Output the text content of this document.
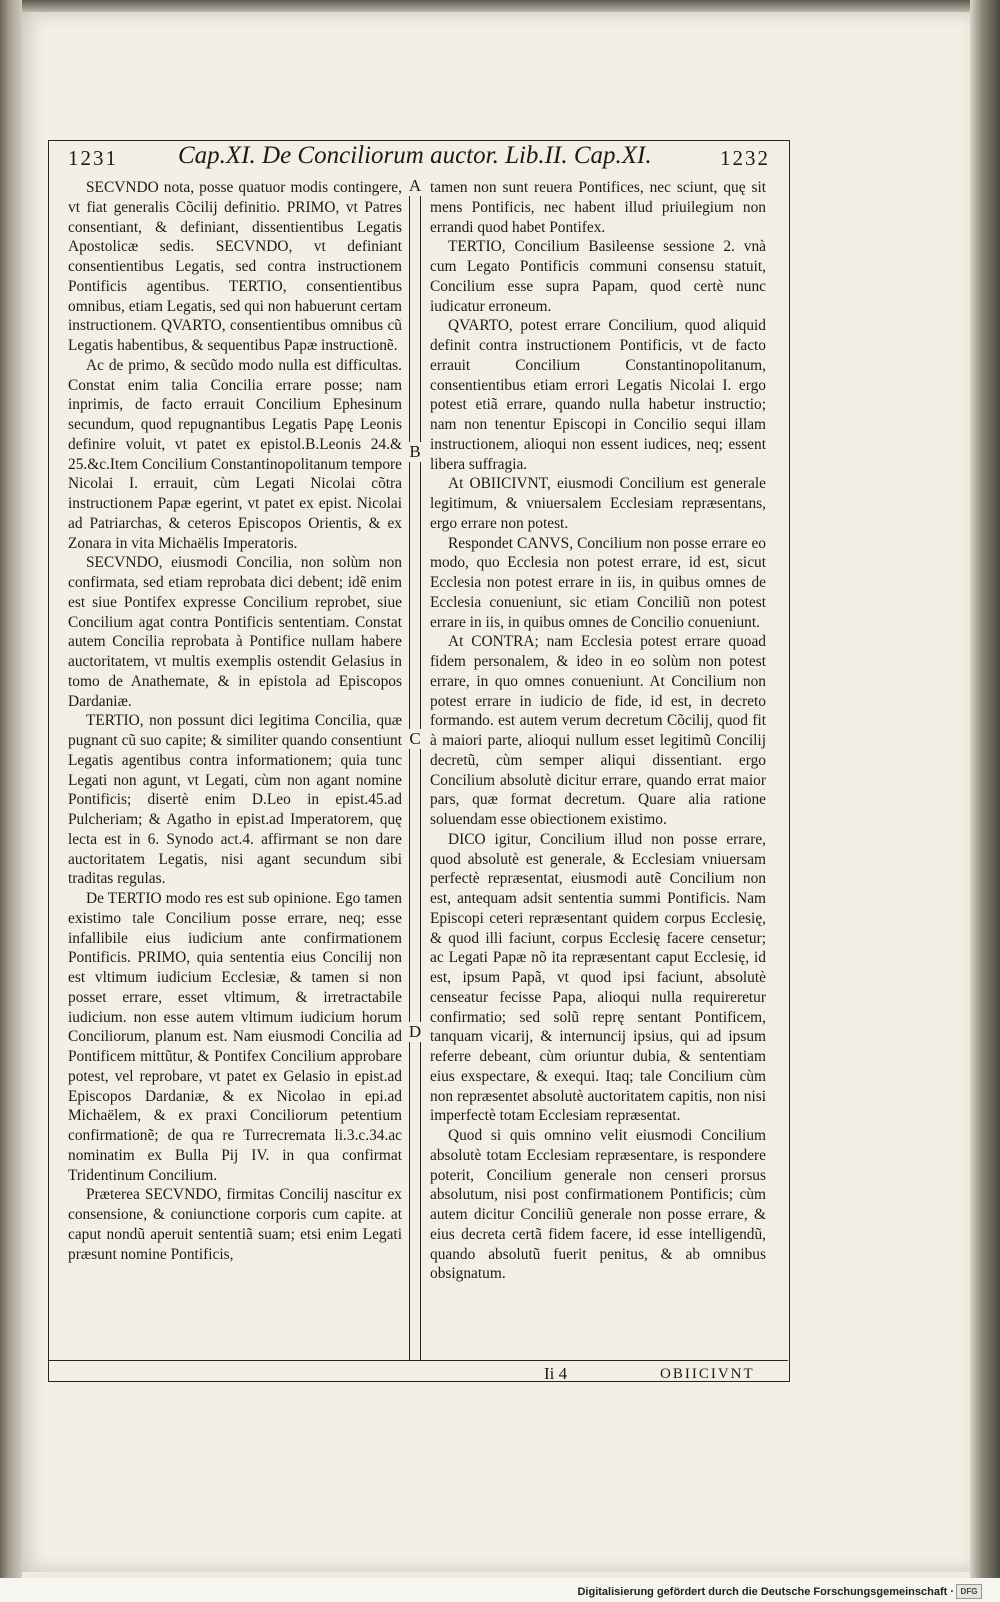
1231 Cap.XI. De Conciliorum auctor. Lib.II. Cap.XI.	1232

SECVNDO nota, posse quatuor modis contingere, vt fiat generalis Cõcilij definitio. PRIMO, vt Patres consentiant, & definiant, dissentientibus Legatis Apostolicæ sedis. SECVNDO, vt definiant consentientibus Legatis, sed contra instructionem Pontificis agentibus. TERTIO, consentientibus omnibus, etiam Legatis, sed qui non habuerunt certam instructionem. QVARTO, consentientibus omnibus cũ Legatis habentibus, & sequentibus Papæ instructionẽ.

Ac de primo, & secũdo modo nulla est difficultas. Constat enim talia Concilia errare posse; nam inprimis, de facto errauit Concilium Ephesinum secundum, quod repugnantibus Legatis Papę Leonis definire voluit, vt patet ex epistol.B.Leonis 24.& 25.&c.Item Concilium Constantinopolitanum tempore Nicolai I. errauit, cùm Legati Nicolai cõtra instructionem Papæ egerint, vt patet ex epist. Nicolai ad Patriarchas, & ceteros Episcopos Orientis, & ex Zonara in vita Michaëlis Imperatoris.

SECVNDO, eiusmodi Concilia, non solùm non confirmata, sed etiam reprobata dici debent; idẽ enim est siue Pontifex expresse Concilium reprobet, siue Concilium agat contra Pontificis sententiam. Constat autem Concilia reprobata à Pontifice nullam habere auctoritatem, vt multis exemplis ostendit Gelasius in tomo de Anathemate, & in epistola ad Episcopos Dardaniæ.

TERTIO, non possunt dici legitima Concilia, quæ pugnant cũ suo capite; & similiter quando consentiunt Legatis agentibus contra informationem; quia tunc Legati non agunt, vt Legati, cùm non agant nomine Pontificis; disertè enim D.Leo in epist.45.ad Pulcheriam; & Agatho in epist.ad Imperatorem, quę lecta est in 6. Synodo act.4. affirmant se non dare auctoritatem Legatis, nisi agant secundum sibi traditas regulas.

De TERTIO modo res est sub opinione. Ego tamen existimo tale Concilium posse errare, neq; esse infallibile eius iudicium ante confirmationem Pontificis. PRIMO, quia sententia eius Concilij non est vltimum iudicium Ecclesiæ, & tamen si non posset errare, esset vltimum, & irretractabile iudicium. non esse autem vltimum iudicium horum Conciliorum, planum est. Nam eiusmodi Concilia ad Pontificem mittũtur, & Pontifex Concilium approbare potest, vel reprobare, vt patet ex Gelasio in epist.ad Episcopos Dardaniæ, & ex Nicolao in epi.ad Michaëlem, & ex praxi Conciliorum petentium confirmationẽ; de qua re Turrecremata li.3.c.34.ac nominatim ex Bulla Pij IV. in qua confirmat Tridentinum Concilium.

Prӕterea SECVNDO, firmitas Concilij nascitur ex consensione, & coniunctione corporis cum capite. at caput nondũ aperuit sententiã suam; etsi enim Legati præsunt nomine Pontificis,

A
B
C
D

tamen non sunt reuera Pontifices, nec sciunt, quę sit mens Pontificis, nec habent illud priuilegium non errandi quod habet Pontifex.

TERTIO, Concilium Basileense sessione 2. vnà cum Legato Pontificis communi consensu statuit, Concilium esse supra Papam, quod certè nunc iudicatur erroneum.

QVARTO, potest errare Concilium, quod aliquid definit contra instructionem Pontificis, vt de facto errauit Concilium Constantinopolitanum, consentientibus etiam errori Legatis Nicolai I. ergo potest etiã errare, quando nulla habetur instructio; nam non tenentur Episcopi in Concilio sequi illam instructionem, alioqui non essent iudices, neq; essent libera suffragia.

At OBIICIVNT, eiusmodi Concilium est generale legitimum, & vniuersalem Ecclesiam repræsentans, ergo errare non potest.

Respondet CANVS, Concilium non posse errare eo modo, quo Ecclesia non potest errare, id est, sicut Ecclesia non potest errare in iis, in quibus omnes de Ecclesia conueniunt, sic etiam Conciliũ non potest errare in iis, in quibus omnes de Concilio conueniunt.

At CONTRA; nam Ecclesia potest errare quoad fidem personalem, & ideo in eo solùm non potest errare, in quo omnes conueniunt. At Concilium non potest errare in iudicio de fide, id est, in decreto formando. est autem verum decretum Cõcilij, quod fit à maiori parte, alioqui nullum esset legitimũ Concilij decretũ, cùm semper aliqui dissentiant. ergo Concilium absolutè dicitur errare, quando errat maior pars, quæ format decretum. Quare alia ratione soluendam esse obiectionem existimo.

DICO igitur, Concilium illud non posse errare, quod absolutè est generale, & Ecclesiam vniuersam perfectè repræsentat, eiusmodi autẽ Concilium non est, antequam adsit sententia summi Pontificis. Nam Episcopi ceteri repræsentant quidem corpus Ecclesię, & quod illi faciunt, corpus Ecclesię facere censetur; ac Legati Papæ nõ ita repræsentant caput Ecclesię, id est, ipsum Papã, vt quod ipsi faciunt, absolutè censeatur fecisse Papa, alioqui nulla requireretur confirmatio; sed solũ reprę sentant Pontificem, tanquam vicarij, & internuncij ipsius, qui ad ipsum referre debeant, cùm oriuntur dubia, & sententiam eius exspectare, & exequi. Itaq; tale Concilium cùm non repræsentet absolutè auctoritatem capitis, non nisi imperfectè totam Ecclesiam repræsentat.

Quod si quis omnino velit eiusmodi Concilium absolutè totam Ecclesiam repræsentare, is respondere poterit, Concilium generale non censeri prorsus absolutum, nisi post confirmationem Pontificis; cùm autem dicitur Conciliũ generale non posse errare, & eius decreta certã fidem facere, id esse intelligendũ, quando absolutũ fuerit penitus, & ab omnibus obsignatum.

Ii 4	OBIICIVNT
Digitalisierung gefördert durch die Deutsche Forschungsgemeinschaft · DFG
